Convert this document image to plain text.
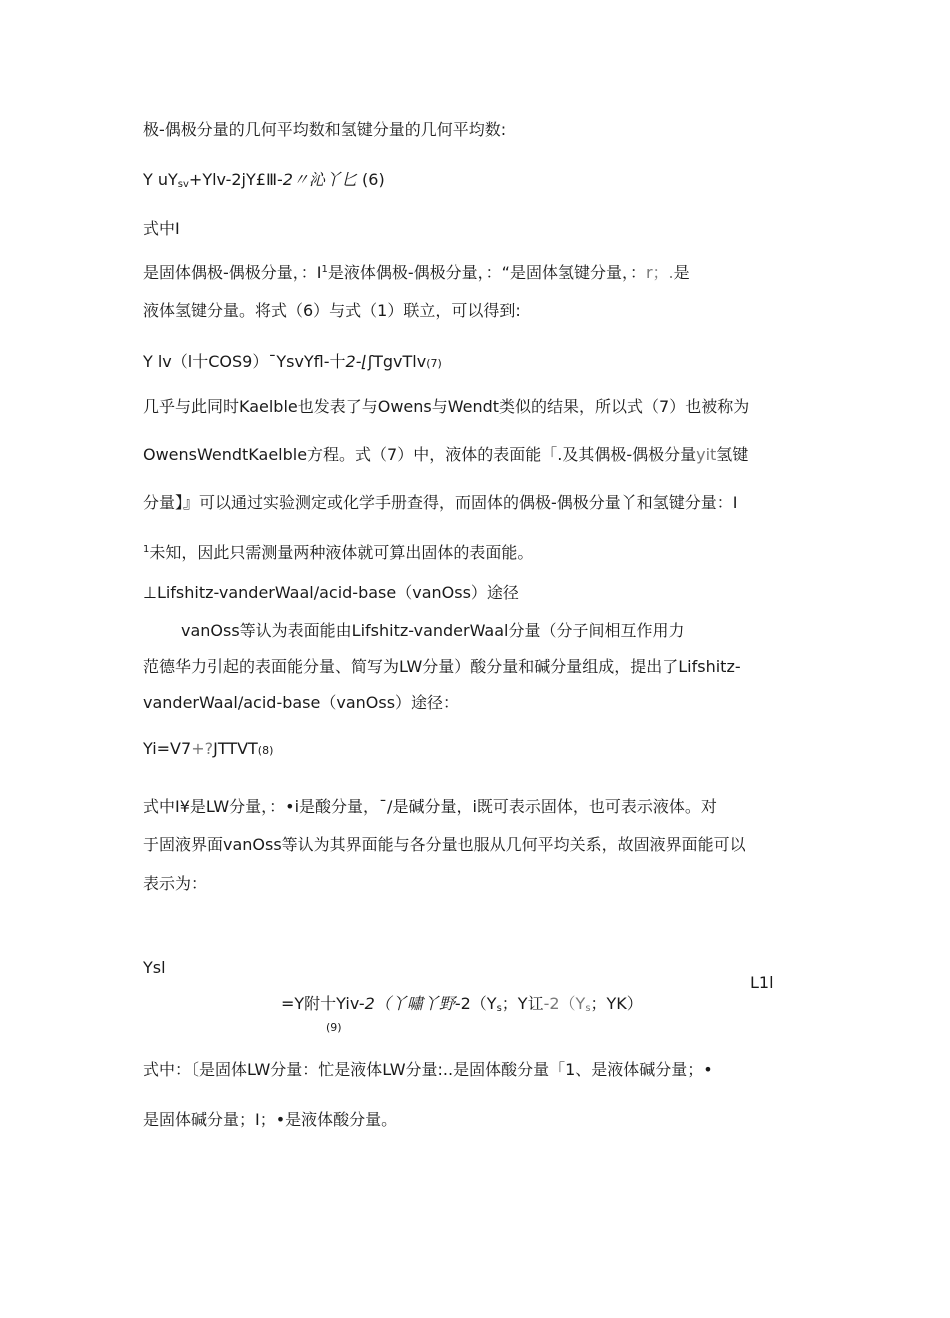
极-偶极分量的几何平均数和氢键分量的几何平均数:
Y $uY_{sv}+Ylv-2jY£Ⅲ-2$〃沁丫匕 (6)
式中I
是固体偶极-偶极分量，：$I^1$是液体偶极-偶极分量，：“是固体氢键分量，：r；.是
液体氢键分量。将式（6）与式（1）联立，可以得到:
Y lv（l十COS9）ˉYsvYfl-十2-⌊ʃTgvTlv(7)
几乎与此同时Kaelble也发表了与Owens与Wendt类似的结果，所以式（7）也被称为
OwensWendtKaelble方程。式（7）中，液体的表面能「.及其偶极-偶极分量yit氢键
分量】』可以通过实验测定或化学手册查得，而固体的偶极-偶极分量丫和氢键分量：I
$^1$未知，因此只需测量两种液体就可算出固体的表面能。
⊥Lifshitz-vanderWaal/acid-base（vanOss）途径
vanOss等认为表面能由Lifshitz-vanderWaal分量（分子间相互作用力
范德华力引起的表面能分量、简写为LW分量）酸分量和碱分量组成，提出了Lifshitz-
vanderWaal/acid-base（vanOss）途径：
Yi=V7+?JTTVT(8)
式中I¥是LW分量，：•i是酸分量，ˉ/是碱分量，i既可表示固体，也可表示液体。对
于固液界面vanOss等认为其界面能与各分量也服从几何平均关系，故固液界面能可以
表示为：
Ysl
L1l
=Y附十Yiv-2（丫嘯丫野$-2(Y_s$；Y讧$-2(Y_s$；YK）
(9)
式中：〔是固体LW分量：忙是液体LW分量:..是固体酸分量「1、是液体碱分量；•
是固体碱分量；I；•是液体酸分量。
